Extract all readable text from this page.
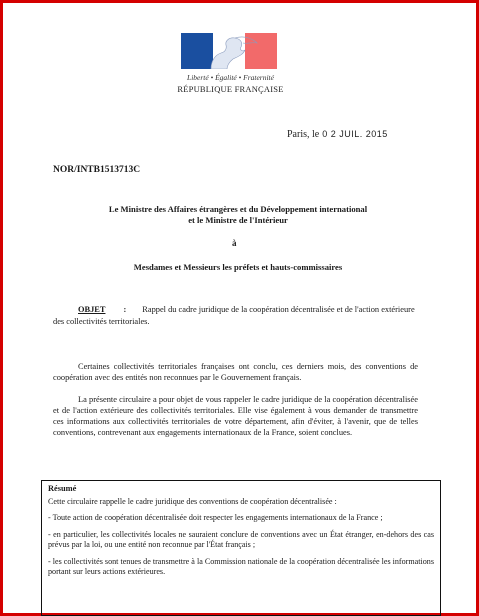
Liberté • Égalité • Fraternité
RÉPUBLIQUE FRANÇAISE
Paris, le 0 2 JUIL. 2015
NOR/INTB1513713C
Le Ministre des Affaires étrangères et du Développement international
et le Ministre de l'Intérieur
à
Mesdames et Messieurs les préfets et hauts-commissaires
OBJET : Rappel du cadre juridique de la coopération décentralisée et de l'action extérieure des collectivités territoriales.

Certaines collectivités territoriales françaises ont conclu, ces derniers mois, des conventions de coopération avec des entités non reconnues par le Gouvernement français.

La présente circulaire a pour objet de vous rappeler le cadre juridique de la coopération décentralisée et de l'action extérieure des collectivités territoriales. Elle vise également à vous demander de transmettre ces informations aux collectivités territoriales de votre département, afin d'éviter, à l'avenir, que de telles conventions, contrevenant aux engagements internationaux de la France, soient conclues.

Résumé
Cette circulaire rappelle le cadre juridique des conventions de coopération décentralisée :
- Toute action de coopération décentralisée doit respecter les engagements internationaux de la France ;
- en particulier, les collectivités locales ne sauraient conclure de conventions avec un État étranger, en-dehors des cas prévus par la loi, ou une entité non reconnue par l'État français ;
- les collectivités sont tenues de transmettre à la Commission nationale de la coopération décentralisée les informations portant sur leurs actions extérieures.
